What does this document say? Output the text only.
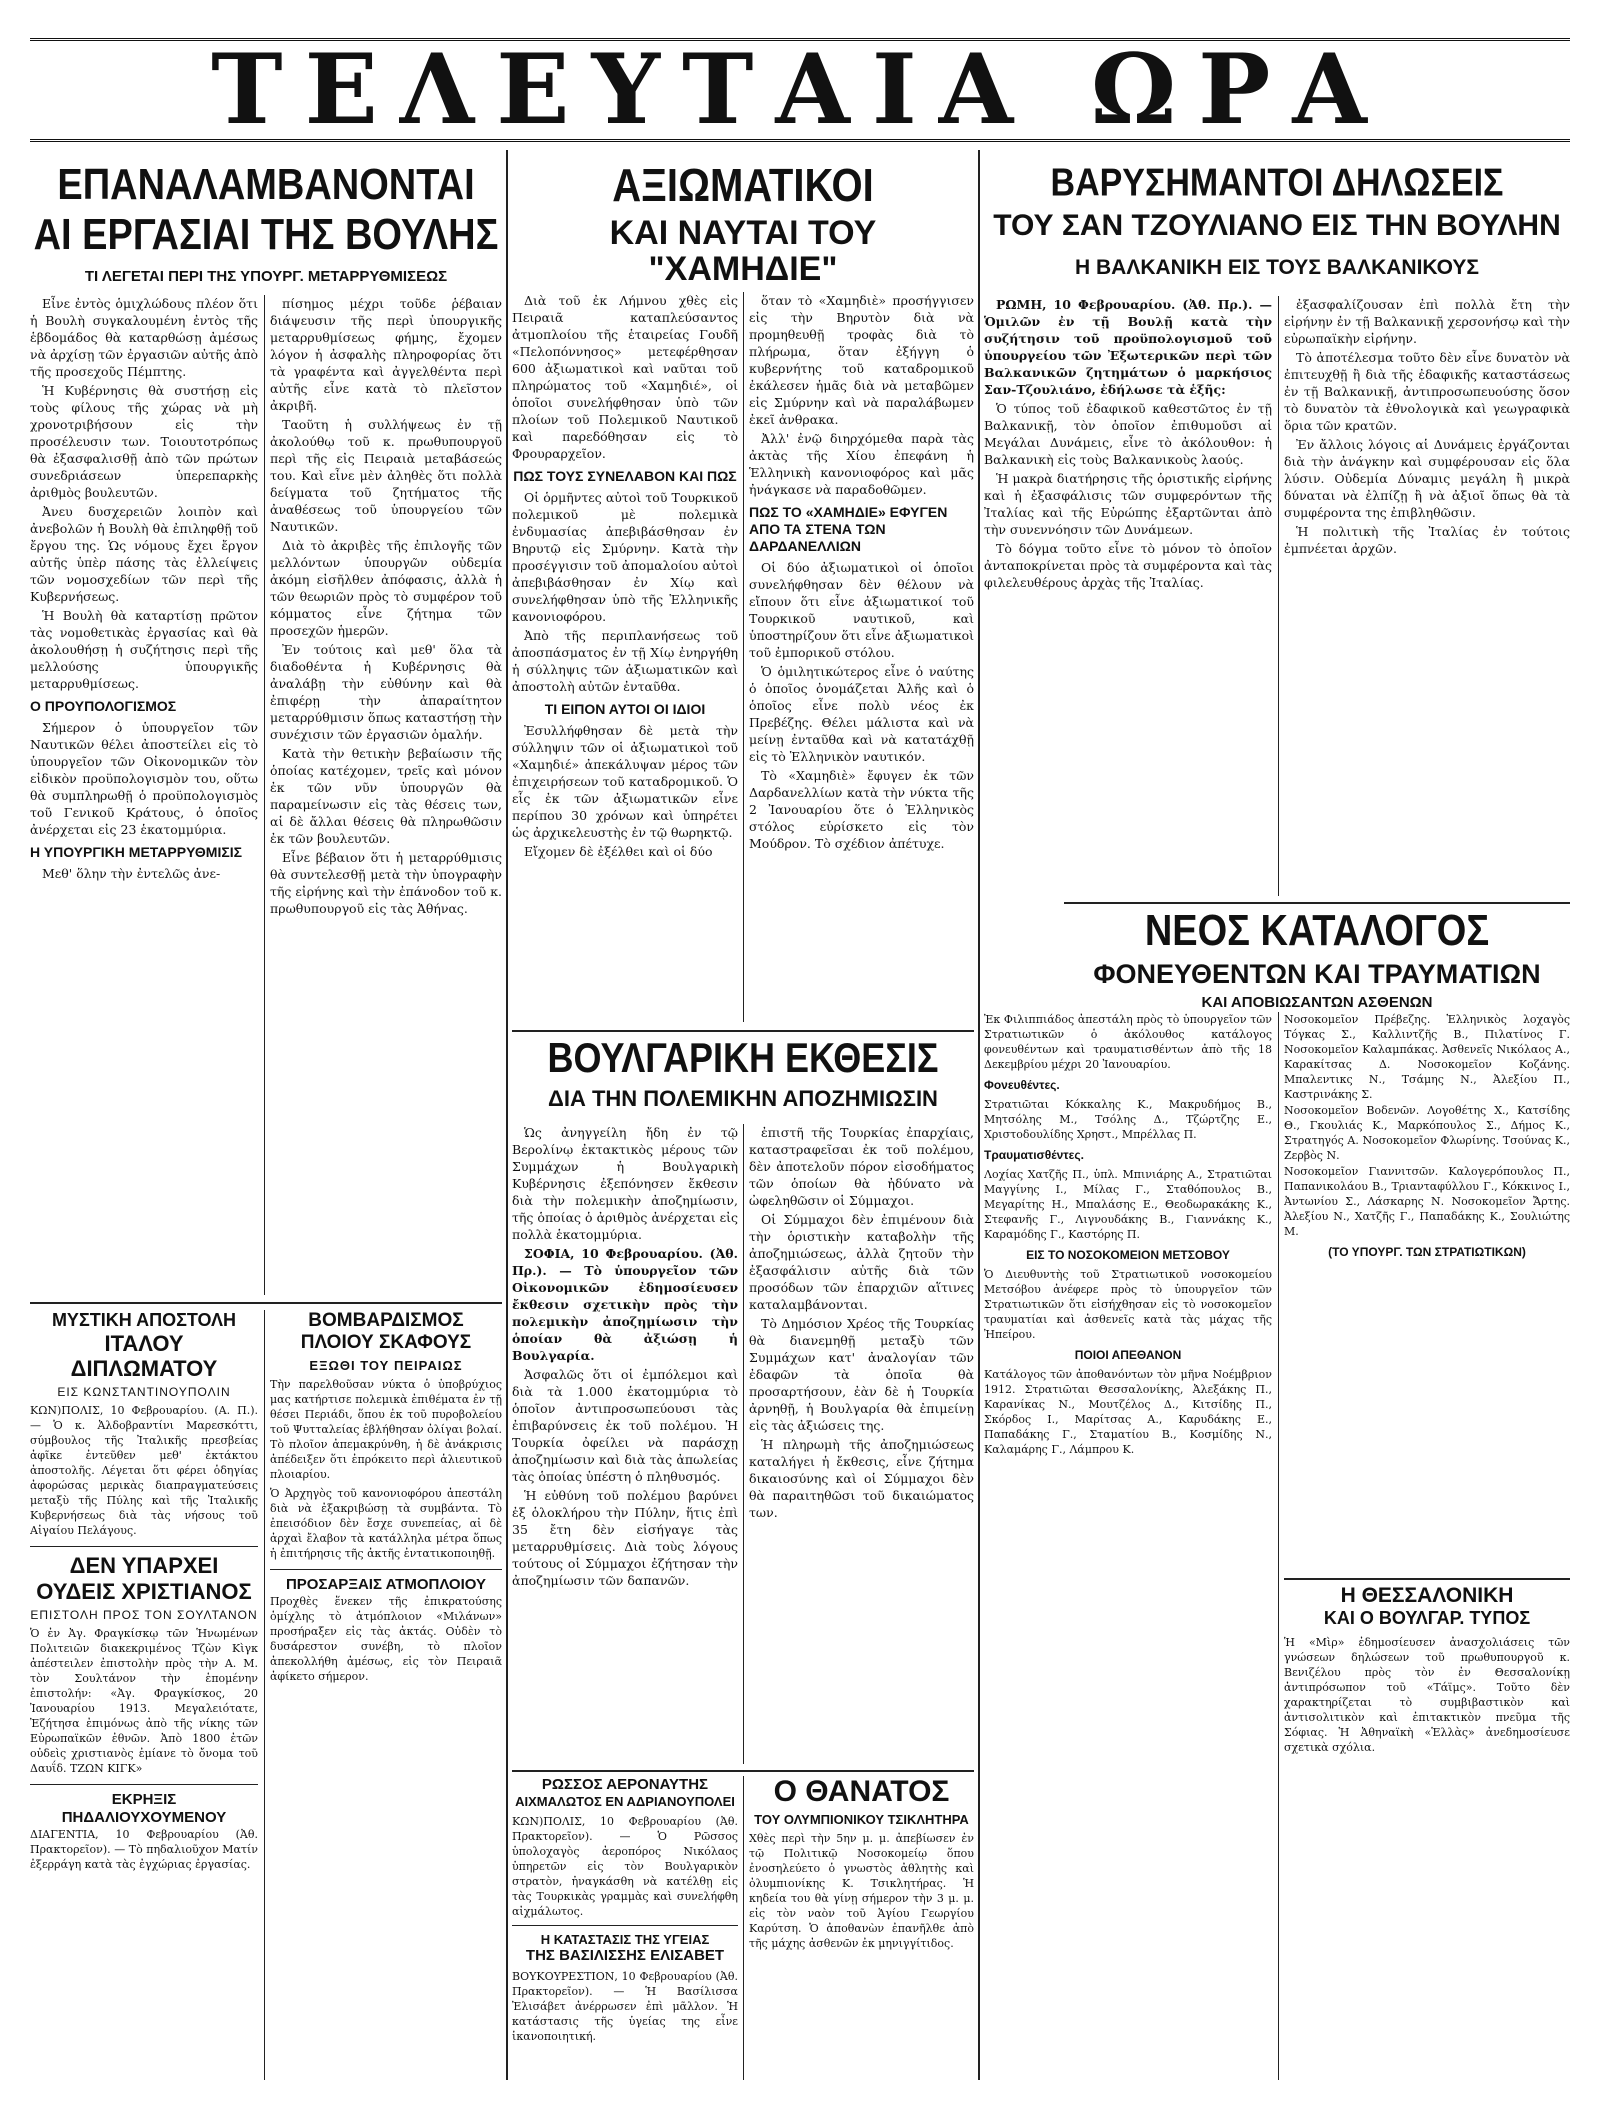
ΤΕΛΕΥΤΑΙΑ ΩΡΑ
ΕΠΑΝΑΛΑΜΒΑΝΟΝΤΑΙ
ΑΙ ΕΡΓΑΣΙΑΙ ΤΗΣ ΒΟΥΛΗΣ
ΤΙ ΛΕΓΕΤΑΙ ΠΕΡΙ ΤΗΣ ΥΠΟΥΡΓ. ΜΕΤΑΡΡΥΘΜΙΣΕΩΣ

Εἶνε ἐντὸς ὁμιχλώδους πλέον ὅτι ἡ Βουλὴ συγκαλουμένη ἐντὸς τῆς ἑβδομάδος θὰ καταρθώσῃ ἀμέσως νὰ ἀρχίσῃ τῶν ἐργασιῶν αὐτῆς ἀπὸ τῆς προσεχοῦς Πέμπτης.

Ἡ Κυβέρνησις θὰ συστήσῃ εἰς τοὺς φίλους τῆς χώρας νὰ μὴ χρονοτριβήσουν εἰς τὴν προσέλευσιν των. Τοιουτοτρόπως θὰ ἐξασφαλισθῇ ἀπὸ τῶν πρώτων συνεδριάσεων ὑπερεπαρκὴς ἀριθμὸς βουλευτῶν.

Ἀνευ δυσχερειῶν λοιπὸν καὶ ἀνεβολῶν ἡ Βουλὴ θὰ ἐπιληφθῇ τοῦ ἔργου της. Ὡς νόμους ἔχει ἔργον αὐτῆς ὑπὲρ πάσης τὰς ἐλλείψεις τῶν νομοσχεδίων τῶν περὶ τῆς Κυβερνήσεως.

Ἡ Βουλὴ θὰ καταρτίσῃ πρῶτον τὰς νομοθετικὰς ἐργασίας καὶ θὰ ἀκολουθήσῃ ἡ συζήτησις περὶ τῆς μελλούσης ὑπουργικῆς μεταρρυθμίσεως.

Ο ΠΡΟΥΠΟΛΟΓΙΣΜΟΣ

Σήμερον ὁ ὑπουργεῖον τῶν Ναυτικῶν θέλει ἀποστείλει εἰς τὸ ὑπουργεῖον τῶν Οἰκονομικῶν τὸν εἰδικὸν προϋπολογισμὸν του, οὕτω θὰ συμπληρωθῇ ὁ προϋπολογισμὸς τοῦ Γενικοῦ Κράτους, ὁ ὁποῖος ἀνέρχεται εἰς 23 ἑκατομμύρια.

Η ΥΠΟΥΡΓΙΚΗ ΜΕΤΑΡΡΥΘΜΙΣΙΣ

Μεθ' ὅλην τὴν ἐντελῶς ἀνε-

πίσημος μέχρι τοῦδε ῥέβαιαν διάψευσιν τῆς περὶ ὑπουργικῆς μεταρρυθμίσεως φήμης, ἔχομεν λόγον ἡ ἀσφαλὴς πληροφορίας ὅτι τὰ γραφέντα καὶ ἀγγελθέντα περὶ αὐτῆς εἶνε κατὰ τὸ πλεῖστον ἀκριβῆ.

Ταοῦτη ἡ συλλήψεως ἐν τῇ ἀκολούθῳ τοῦ κ. πρωθυπουργοῦ περὶ τῆς εἰς Πειραιὰ μεταβάσεώς του. Καὶ εἶνε μὲν ἀληθὲς ὅτι πολλὰ δείγματα τοῦ ζητήματος τῆς ἀναθέσεως τοῦ ὑπουργείου τῶν Ναυτικῶν.

Διὰ τὸ ἀκριβὲς τῆς ἐπιλογῆς τῶν μελλόντων ὑπουργῶν οὐδεμία ἀκόμη εἰσῆλθεν ἀπόφασις, ἀλλὰ ἡ τῶν θεωριῶν πρὸς τὸ συμφέρον τοῦ κόμματος εἶνε ζήτημα τῶν προσεχῶν ἡμερῶν.

Ἐν τούτοις καὶ μεθ' ὅλα τὰ διαδοθέντα ἡ Κυβέρνησις θὰ ἀναλάβῃ τὴν εὐθύνην καὶ θὰ ἐπιφέρῃ τὴν ἀπαραίτητον μεταρρύθμισιν ὅπως καταστήσῃ τὴν συνέχισιν τῶν ἐργασιῶν ὁμαλήν.

Κατὰ τὴν θετικὴν βεβαίωσιν τῆς ὁποίας κατέχομεν, τρεῖς καὶ μόνον ἐκ τῶν νῦν ὑπουργῶν θὰ παραμείνωσιν εἰς τὰς θέσεις των, αἱ δὲ ἄλλαι θέσεις θὰ πληρωθῶσιν ἐκ τῶν βουλευτῶν.

Εἶνε βέβαιον ὅτι ἡ μεταρρύθμισις θὰ συντελεσθῇ μετὰ τὴν ὑπογραφὴν τῆς εἰρήνης καὶ τὴν ἐπάνοδον τοῦ κ. πρωθυπουργοῦ εἰς τὰς Ἀθήνας.

ΜΥΣΤΙΚΗ ΑΠΟΣΤΟΛΗ
ΙΤΑΛΟΥ ΔΙΠΛΩΜΑΤΟΥ
ΕΙΣ ΚΩΝΣΤΑΝΤΙΝΟΥΠΟΛΙΝ
ΚΩΝ)ΠΟΛΙΣ, 10 Φεβρουαρίου. (Α. Π.). — Ὁ κ. Ἀλδοβραντίνι Μαρεσκόττι, σύμβουλος τῆς Ἰταλικῆς πρεσβείας ἀφῖκε ἐντεῦθεν μεθ' ἐκτάκτου ἀποστολῆς. Λέγεται ὅτι φέρει ὁδηγίας ἀφορώσας μερικὰς διαπραγματεύσεις μεταξὺ τῆς Πύλης καὶ τῆς Ἰταλικῆς Κυβερνήσεως διὰ τὰς νήσους τοῦ Αἰγαίου Πελάγους.
ΔΕΝ ΥΠΑΡΧΕΙ
ΟΥΔΕΙΣ ΧΡΙΣΤΙΑΝΟΣ
ΕΠΙΣΤΟΛΗ ΠΡΟΣ ΤΟΝ ΣΟΥΛΤΑΝΟΝ
Ὁ ἐν Ἀγ. Φραγκίσκῳ τῶν Ἡνωμένων Πολιτειῶν διακεκριμένος Τζὼν Κὶγκ ἀπέστειλεν ἐπιστολὴν πρὸς τὴν Α. Μ. τὸν Σουλτάνον τὴν ἑπομένην ἐπιστολήν: «Ἀγ. Φραγκίσκος, 20 Ἰανουαρίου 1913. Μεγαλειότατε, Ἐζήτησα ἐπιμόνως ἀπὸ τῆς νίκης τῶν Εὐρωπαϊκῶν ἐθνῶν. Ἀπὸ 1800 ἐτῶν οὐδεὶς χριστιανὸς ἐμίανε τὸ ὄνομα τοῦ Δαυΐδ. ΤΖΩΝ ΚΙΓΚ»
ΕΚΡΗΞΙΣ ΠΗΔΑΛΙΟΥΧΟΥΜΕΝΟΥ
ΔΙΑΓΕΝΤΙΑ, 10 Φεβρουαρίου (Ἀθ. Πρακτορεῖον). — Τὸ πηδαλιοῦχον Ματίν ἐξερράγη κατὰ τὰς ἐγχώριας ἐργασίας.
ΒΟΜΒΑΡΔΙΣΜΟΣ
ΠΛΟΙΟΥ ΣΚΑΦΟΥΣ
ΕΞΩΘΙ ΤΟΥ ΠΕΙΡΑΙΩΣ
Τὴν παρελθοῦσαν νύκτα ὁ ὑποβρύχιος μας κατήρτισε πολεμικὰ ἐπιθέματα ἐν τῇ θέσει Περιάδι, ὅπου ἐκ τοῦ πυροβολείου τοῦ Ψυτταλείας ἐβλήθησαν ὀλίγαι βολαί. Τὸ πλοῖον ἀπεμακρύνθη, ἡ δὲ ἀνάκρισις ἀπέδειξεν ὅτι ἐπρόκειτο περὶ ἁλιευτικοῦ πλοιαρίου.
Ὁ Ἀρχηγὸς τοῦ κανονιοφόρου ἀπεστάλη διὰ νὰ ἐξακριβώσῃ τὰ συμβάντα. Τὸ ἐπεισόδιον δὲν ἔσχε συνεπείας, αἱ δὲ ἀρχαὶ ἔλαβον τὰ κατάλληλα μέτρα ὅπως ἡ ἐπιτήρησις τῆς ἀκτῆς ἐντατικοποιηθῇ.
ΠΡΟΣΑΡΞΑΙΣ ΑΤΜΟΠΛΟΙΟΥ
Προχθὲς ἕνεκεν τῆς ἐπικρατούσης ὁμίχλης τὸ ἀτμόπλοιον «Μιλάνων» προσήραξεν εἰς τὰς ἀκτάς. Οὐδὲν τὸ δυσάρεστον συνέβη, τὸ πλοῖον ἀπεκολλήθη ἀμέσως, εἰς τὸν Πειραιᾶ ἀφίκετο σήμερον.
ΑΞΙΩΜΑΤΙΚΟΙ
ΚΑΙ ΝΑΥΤΑΙ ΤΟΥ "ΧΑΜΗΔΙΕ"

Διὰ τοῦ ἐκ Λήμνου χθὲς εἰς Πειραιᾶ καταπλεύσαντος ἀτμοπλοίου τῆς ἑταιρείας Γουδῆ «Πελοπόννησος» μετεφέρθησαν 600 ἀξιωματικοὶ καὶ ναῦται τοῦ πληρώματος τοῦ «Χαμηδιέ», οἱ ὁποῖοι συνελήφθησαν ὑπὸ τῶν πλοίων τοῦ Πολεμικοῦ Ναυτικοῦ καὶ παρεδόθησαν εἰς τὸ Φρουραρχεῖον.

ΠΩΣ ΤΟΥΣ ΣΥΝΕΛΑΒΟΝ ΚΑΙ ΠΩΣ

Οἱ ὁρμῆντες αὐτοὶ τοῦ Τουρκικοῦ πολεμικοῦ μὲ πολεμικὰ ἐνδυμασίας ἀπεβιβάσθησαν ἐν Βηρυτῷ εἰς Σμύρνην. Κατὰ τὴν προσέγγισιν τοῦ ἀπομαλοίου αὐτοὶ ἀπεβιβάσθησαν ἐν Χίῳ καὶ συνελήφθησαν ὑπὸ τῆς Ἑλληνικῆς κανονιοφόρου.

Ἀπὸ τῆς περιπλανήσεως τοῦ ἀποσπάσματος ἐν τῇ Χίῳ ἐνηργήθη ἡ σύλληψις τῶν ἀξιωματικῶν καὶ ἀποστολὴ αὐτῶν ἐνταῦθα.

ΤΙ ΕΙΠΟΝ ΑΥΤΟΙ ΟΙ ΙΔΙΟΙ

Ἐσυλλήφθησαν δὲ μετὰ τὴν σύλληψιν τῶν οἱ ἀξιωματικοὶ τοῦ «Χαμηδιέ» ἀπεκάλυψαν μέρος τῶν ἐπιχειρήσεων τοῦ καταδρομικοῦ. Ὁ εἷς ἐκ τῶν ἀξιωματικῶν εἶνε περίπου 30 χρόνων καὶ ὑπηρέτει ὡς ἀρχικελευστὴς ἐν τῷ θωρηκτῷ.

Εἴχομεν δὲ ἐξέλθει καὶ οἱ δύο

ὅταν τὸ «Χαμηδιὲ» προσήγγισεν εἰς τὴν Βηρυτὸν διὰ νὰ προμηθευθῇ τροφὰς διὰ τὸ πλήρωμα, ὅταν ἐξήγγη ὁ κυβερνήτης τοῦ καταδρομικοῦ ἐκάλεσεν ἡμᾶς διὰ νὰ μεταβῶμεν εἰς Σμύρνην καὶ νὰ παραλάβωμεν ἐκεῖ ἀνθρακα.

Ἀλλ' ἐνῷ διηρχόμεθα παρὰ τὰς ἀκτὰς τῆς Χίου ἐπεφάνη ἡ Ἑλληνικὴ κανονιοφόρος καὶ μᾶς ἠνάγκασε νὰ παραδοθῶμεν.

ΠΩΣ ΤΟ «ΧΑΜΗΔΙΕ» ΕΦΥΓΕΝ ΑΠΟ ΤΑ ΣΤΕΝΑ ΤΩΝ ΔΑΡΔΑΝΕΛΛΙΩΝ

Οἱ δύο ἀξιωματικοὶ οἱ ὁποῖοι συνελήφθησαν δὲν θέλουν νὰ εἴπουν ὅτι εἶνε ἀξιωματικοί τοῦ Τουρκικοῦ ναυτικοῦ, καὶ ὑποστηρίζουν ὅτι εἶνε ἀξιωματικοὶ τοῦ ἐμπορικοῦ στόλου.

Ὁ ὁμιλητικώτερος εἶνε ὁ ναύτης ὁ ὁποῖος ὀνομάζεται Ἀλῆς καὶ ὁ ὁποῖος εἶνε πολὺ νέος ἐκ Πρεβέζης. Θέλει μάλιστα καὶ νὰ μείνῃ ἐνταῦθα καὶ νὰ κατατάχθῇ εἰς τὸ Ἑλληνικὸν ναυτικόν.

Τὸ «Χαμηδιὲ» ἔφυγεν ἐκ τῶν Δαρδανελλίων κατὰ τὴν νύκτα τῆς 2 Ἰανουαρίου ὅτε ὁ Ἑλληνικὸς στόλος εὑρίσκετο εἰς τὸν Μούδρον. Τὸ σχέδιον ἀπέτυχε.

ΒΟΥΛΓΑΡΙΚΗ ΕΚΘΕΣΙΣ
ΔΙΑ ΤΗΝ ΠΟΛΕΜΙΚΗΝ ΑΠΟΖΗΜΙΩΣΙΝ

Ὡς ἀνηγγείλη ἤδη ἐν τῷ Βερολίνῳ ἐκτακτικὸς μέρους τῶν Συμμάχων ἡ Βουλγαρικὴ Κυβέρνησις ἐξεπόνησεν ἔκθεσιν διὰ τὴν πολεμικὴν ἀποζημίωσιν, τῆς ὁποίας ὁ ἀριθμὸς ἀνέρχεται εἰς πολλὰ ἑκατομμύρια.

ΣΟΦΙΑ, 10 Φεβρουαρίου. (Ἀθ. Πρ.). — Τὸ ὑπουργεῖον τῶν Οἰκονομικῶν ἐδημοσίευσεν ἔκθεσιν σχετικὴν πρὸς τὴν πολεμικὴν ἀποζημίωσιν τὴν ὁποίαν θὰ ἀξιώσῃ ἡ Βουλγαρία.

Ἀσφαλῶς ὅτι οἱ ἐμπόλεμοι καὶ διὰ τὰ 1.000 ἑκατομμύρια τὸ ὁποῖον ἀντιπροσωπεύουσι τὰς ἐπιβαρύνσεις ἐκ τοῦ πολέμου. Ἡ Τουρκία ὀφείλει νὰ παράσχῃ ἀποζημίωσιν καὶ διὰ τὰς ἀπωλείας τὰς ὁποίας ὑπέστη ὁ πληθυσμός.

Ἡ εὐθύνη τοῦ πολέμου βαρύνει ἐξ ὁλοκλήρου τὴν Πύλην, ἥτις ἐπὶ 35 ἔτη δὲν εἰσήγαγε τὰς μεταρρυθμίσεις. Διὰ τοὺς λόγους τούτους οἱ Σύμμαχοι ἐζήτησαν τὴν ἀποζημίωσιν τῶν δαπανῶν.

ἐπιστῆ τῆς Τουρκίας ἐπαρχίαις, καταστραφεῖσαι ἐκ τοῦ πολέμου, δὲν ἀποτελοῦν πόρον εἰσοδήματος τῶν ὁποίων θὰ ἠδύνατο νὰ ὠφεληθῶσιν οἱ Σύμμαχοι.

Οἱ Σύμμαχοι δὲν ἐπιμένουν διὰ τὴν ὁριστικὴν καταβολὴν τῆς ἀποζημιώσεως, ἀλλὰ ζητοῦν τὴν ἐξασφάλισιν αὐτῆς διὰ τῶν προσόδων τῶν ἐπαρχιῶν αἵτινες καταλαμβάνονται.

Τὸ Δημόσιον Χρέος τῆς Τουρκίας θὰ διανεμηθῇ μεταξὺ τῶν Συμμάχων κατ' ἀναλογίαν τῶν ἐδαφῶν τὰ ὁποῖα θὰ προσαρτήσουν, ἐὰν δὲ ἡ Τουρκία ἀρνηθῇ, ἡ Βουλγαρία θὰ ἐπιμείνῃ εἰς τὰς ἀξιώσεις της.

Ἡ πληρωμὴ τῆς ἀποζημιώσεως καταλήγει ἡ ἔκθεσις, εἶνε ζήτημα δικαιοσύνης καὶ οἱ Σύμμαχοι δὲν θὰ παραιτηθῶσι τοῦ δικαιώματος των.

ΡΩΣΣΟΣ ΑΕΡΟΝΑΥΤΗΣ
ΑΙΧΜΑΛΩΤΟΣ ΕΝ ΑΔΡΙΑΝΟΥΠΟΛΕΙ
ΚΩΝ)ΠΟΛΙΣ, 10 Φεβρουαρίου (Ἀθ. Πρακτορεῖον). — Ὁ Ρῶσσος ὑπολοχαγὸς ἀεροπόρος Νικόλαος ὑπηρετῶν εἰς τὸν Βουλγαρικὸν στρατὸν, ἠναγκάσθη νὰ κατέλθῃ εἰς τὰς Τουρκικὰς γραμμὰς καὶ συνελήφθη αἰχμάλωτος.
Η ΚΑΤΑΣΤΑΣΙΣ ΤΗΣ ΥΓΕΙΑΣ
ΤΗΣ ΒΑΣΙΛΙΣΣΗΣ ΕΛΙΣΑΒΕΤ
ΒΟΥΚΟΥΡΕΣΤΙΟΝ, 10 Φεβρουαρίου (Ἀθ. Πρακτορεῖον). — Ἡ Βασίλισσα Ἐλισάβετ ἀνέρρωσεν ἐπὶ μᾶλλον. Ἡ κατάστασις τῆς ὑγείας της εἶνε ἱκανοποιητική.
Ο ΘΑΝΑΤΟΣ
ΤΟΥ ΟΛΥΜΠΙΟΝΙΚΟΥ ΤΣΙΚΛΗΤΗΡΑ
Χθὲς περὶ τὴν 5ην μ. μ. ἀπεβίωσεν ἐν τῷ Πολιτικῷ Νοσοκομείῳ ὅπου ἐνοσηλεύετο ὁ γνωστὸς ἀθλητὴς καὶ ὀλυμπιονίκης Κ. Τσικλητήρας. Ἡ κηδεία του θὰ γίνῃ σήμερον τὴν 3 μ. μ. εἰς τὸν ναὸν τοῦ Ἁγίου Γεωργίου Καρύτση. Ὁ ἀποθανὼν ἐπανῆλθε ἀπὸ τῆς μάχης ἀσθενῶν ἐκ μηνιγγίτιδος.
ΒΑΡΥΣΗΜΑΝΤΟΙ ΔΗΛΩΣΕΙΣ
ΤΟΥ ΣΑΝ ΤΖΟΥΛΙΑΝΟ ΕΙΣ ΤΗΝ ΒΟΥΛΗΝ
Η ΒΑΛΚΑΝΙΚΗ ΕΙΣ ΤΟΥΣ ΒΑΛΚΑΝΙΚΟΥΣ

ΡΩΜΗ, 10 Φεβρουαρίου. (Ἀθ. Πρ.). — Ὁμιλῶν ἐν τῇ Βουλῇ κατὰ τὴν συζήτησιν τοῦ προϋπολογισμοῦ τοῦ ὑπουργείου τῶν Ἐξωτερικῶν περὶ τῶν Βαλκανικῶν ζητημάτων ὁ μαρκήσιος Σαν-Τζουλιάνο, ἐδήλωσε τὰ ἑξῆς:

Ὁ τύπος τοῦ ἐδαφικοῦ καθεστῶτος ἐν τῇ Βαλκανικῇ, τὸν ὁποῖον ἐπιθυμοῦσι αἱ Μεγάλαι Δυνάμεις, εἶνε τὸ ἀκόλουθον: ἡ Βαλκανικὴ εἰς τοὺς Βαλκανικοὺς λαούς.

Ἡ μακρὰ διατήρησις τῆς ὁριστικῆς εἰρήνης καὶ ἡ ἐξασφάλισις τῶν συμφερόντων τῆς Ἰταλίας καὶ τῆς Εὐρώπης ἐξαρτῶνται ἀπὸ τὴν συνεννόησιν τῶν Δυνάμεων.

Τὸ δόγμα τοῦτο εἶνε τὸ μόνον τὸ ὁποῖον ἀνταποκρίνεται πρὸς τὰ συμφέροντα καὶ τὰς φιλελευθέρους ἀρχὰς τῆς Ἰταλίας.

ἐξασφαλίζουσαν ἐπὶ πολλὰ ἔτη τὴν εἰρήνην ἐν τῇ Βαλκανικῇ χερσονήσῳ καὶ τὴν εὐρωπαϊκὴν εἰρήνην.

Τὸ ἀποτέλεσμα τοῦτο δὲν εἶνε δυνατὸν νὰ ἐπιτευχθῇ ἢ διὰ τῆς ἐδαφικῆς καταστάσεως ἐν τῇ Βαλκανικῇ, ἀντιπροσωπευούσης ὅσον τὸ δυνατὸν τὰ ἐθνολογικὰ καὶ γεωγραφικὰ ὅρια τῶν κρατῶν.

Ἐν ἄλλοις λόγοις αἱ Δυνάμεις ἐργάζονται διὰ τὴν ἀνάγκην καὶ συμφέρουσαν εἰς ὅλα λύσιν. Οὐδεμία Δύναμις μεγάλη ἢ μικρὰ δύναται νὰ ἐλπίζῃ ἢ νὰ ἀξιοῖ ὅπως θὰ τὰ συμφέροντα της ἐπιβληθῶσιν.

Ἡ πολιτικὴ τῆς Ἰταλίας ἐν τούτοις ἐμπνέεται ἀρχῶν.

ΝΕΟΣ ΚΑΤΑΛΟΓΟΣ
ΦΟΝΕΥΘΕΝΤΩΝ ΚΑΙ ΤΡΑΥΜΑΤΙΩΝ
ΚΑΙ ΑΠΟΒΙΩΣΑΝΤΩΝ ΑΣΘΕΝΩΝ

Ἐκ Φιλιππιάδος ἀπεστάλη πρὸς τὸ ὑπουργεῖον τῶν Στρατιωτικῶν ὁ ἀκόλουθος κατάλογος φονευθέντων καὶ τραυματισθέντων ἀπὸ τῆς 18 Δεκεμβρίου μέχρι 20 Ἰανουαρίου.

Φονευθέντες.

Στρατιῶται Κόκκαλης Κ., Μακρυδήμος Β., Μητσόλης Μ., Τσόλης Δ., Τζώρτζης Ε., Χριστοδουλίδης Χρηστ., Μπρέλλας Π.

Τραυματισθέντες.

Λοχίας Χατζῆς Π., ὑπλ. Μπινιάρης Α., Στρατιῶται Μαγγίνης Ι., Μίλας Γ., Σταθόπουλος Β., Μεγαρίτης Η., Μπαλάσης Ε., Θεοδωρακάκης Κ., Στεφανῆς Γ., Λιγνουδάκης Β., Γιαννάκης Κ., Καραμόδης Γ., Καστόρης Π.

ΕΙΣ ΤΟ ΝΟΣΟΚΟΜΕΙΟΝ ΜΕΤΣΟΒΟΥ

Ὁ Διευθυντὴς τοῦ Στρατιωτικοῦ νοσοκομείου Μετσόβου ἀνέφερε πρὸς τὸ ὑπουργεῖον τῶν Στρατιωτικῶν ὅτι εἰσήχθησαν εἰς τὸ νοσοκομεῖον τραυματίαι καὶ ἀσθενεῖς κατὰ τὰς μάχας τῆς Ἠπείρου.

ΠΟΙΟΙ ΑΠΕΘΑΝΟΝ

Κατάλογος τῶν ἀποθανόντων τὸν μῆνα Νοέμβριον 1912. Στρατιῶται Θεσσαλονίκης, Ἀλεξάκης Π., Καρανίκας Ν., Μουτζέλος Δ., Κιτσίδης Π., Σκόρδος Ι., Μαρίτσας Α., Καρυδάκης Ε., Παπαδάκης Γ., Σταματίου Β., Κοσμίδης Ν., Καλαμάρης Γ., Λάμπρου Κ.

Νοσοκομεῖον Πρέβεζης. Ἑλληνικὸς λοχαγὸς Τόγκας Σ., Καλλιντζῆς Β., Πιλατίνος Γ. Νοσοκομεῖον Καλαμπάκας. Ἀσθενεῖς Νικόλαος Α., Καρακίτσας Δ. Νοσοκομεῖον Κοζάνης. Μπαλεντικς Ν., Τσάμης Ν., Ἀλεξίου Π., Καστρινάκης Σ.

Νοσοκομεῖον Βοδενῶν. Λογοθέτης Χ., Κατσίδης Θ., Γκουλιάς Κ., Μαρκόπουλος Σ., Δήμος Κ., Στρατηγός Α. Νοσοκομεῖον Φλωρίνης. Τσούνας Κ., Ζερβὸς Ν.

Νοσοκομεῖον Γιαννιτσῶν. Καλογερόπουλος Π., Παπανικολάου Β., Τριανταφύλλου Γ., Κόκκινος Ι., Ἀντωνίου Σ., Λάσκαρης Ν. Νοσοκομεῖον Ἄρτης. Ἀλεξίου Ν., Χατζῆς Γ., Παπαδάκης Κ., Σουλιώτης Μ.

(ΤΟ ΥΠΟΥΡΓ. ΤΩΝ ΣΤΡΑΤΙΩΤΙΚΩΝ)
Η ΘΕΣΣΑΛΟΝΙΚΗ
ΚΑΙ Ο ΒΟΥΛΓΑΡ. ΤΥΠΟΣ
Ἡ «Μὶρ» ἐδημοσίευσεν ἀνασχολιάσεις τῶν γνώσεων δηλώσεων τοῦ πρωθυπουργοῦ κ. Βενιζέλου πρὸς τὸν ἐν Θεσσαλονίκῃ ἀντιπρόσωπον τοῦ «Τάϊμς». Τοῦτο δὲν χαρακτηρίζεται τὸ συμβιβαστικὸν καὶ ἀντισολιτικὸν καὶ ἐπιτακτικὸν πνεῦμα τῆς Σόφιας. Ἡ Ἀθηναϊκὴ «Ἑλλὰς» ἀνεδημοσίευσε σχετικὰ σχόλια.
